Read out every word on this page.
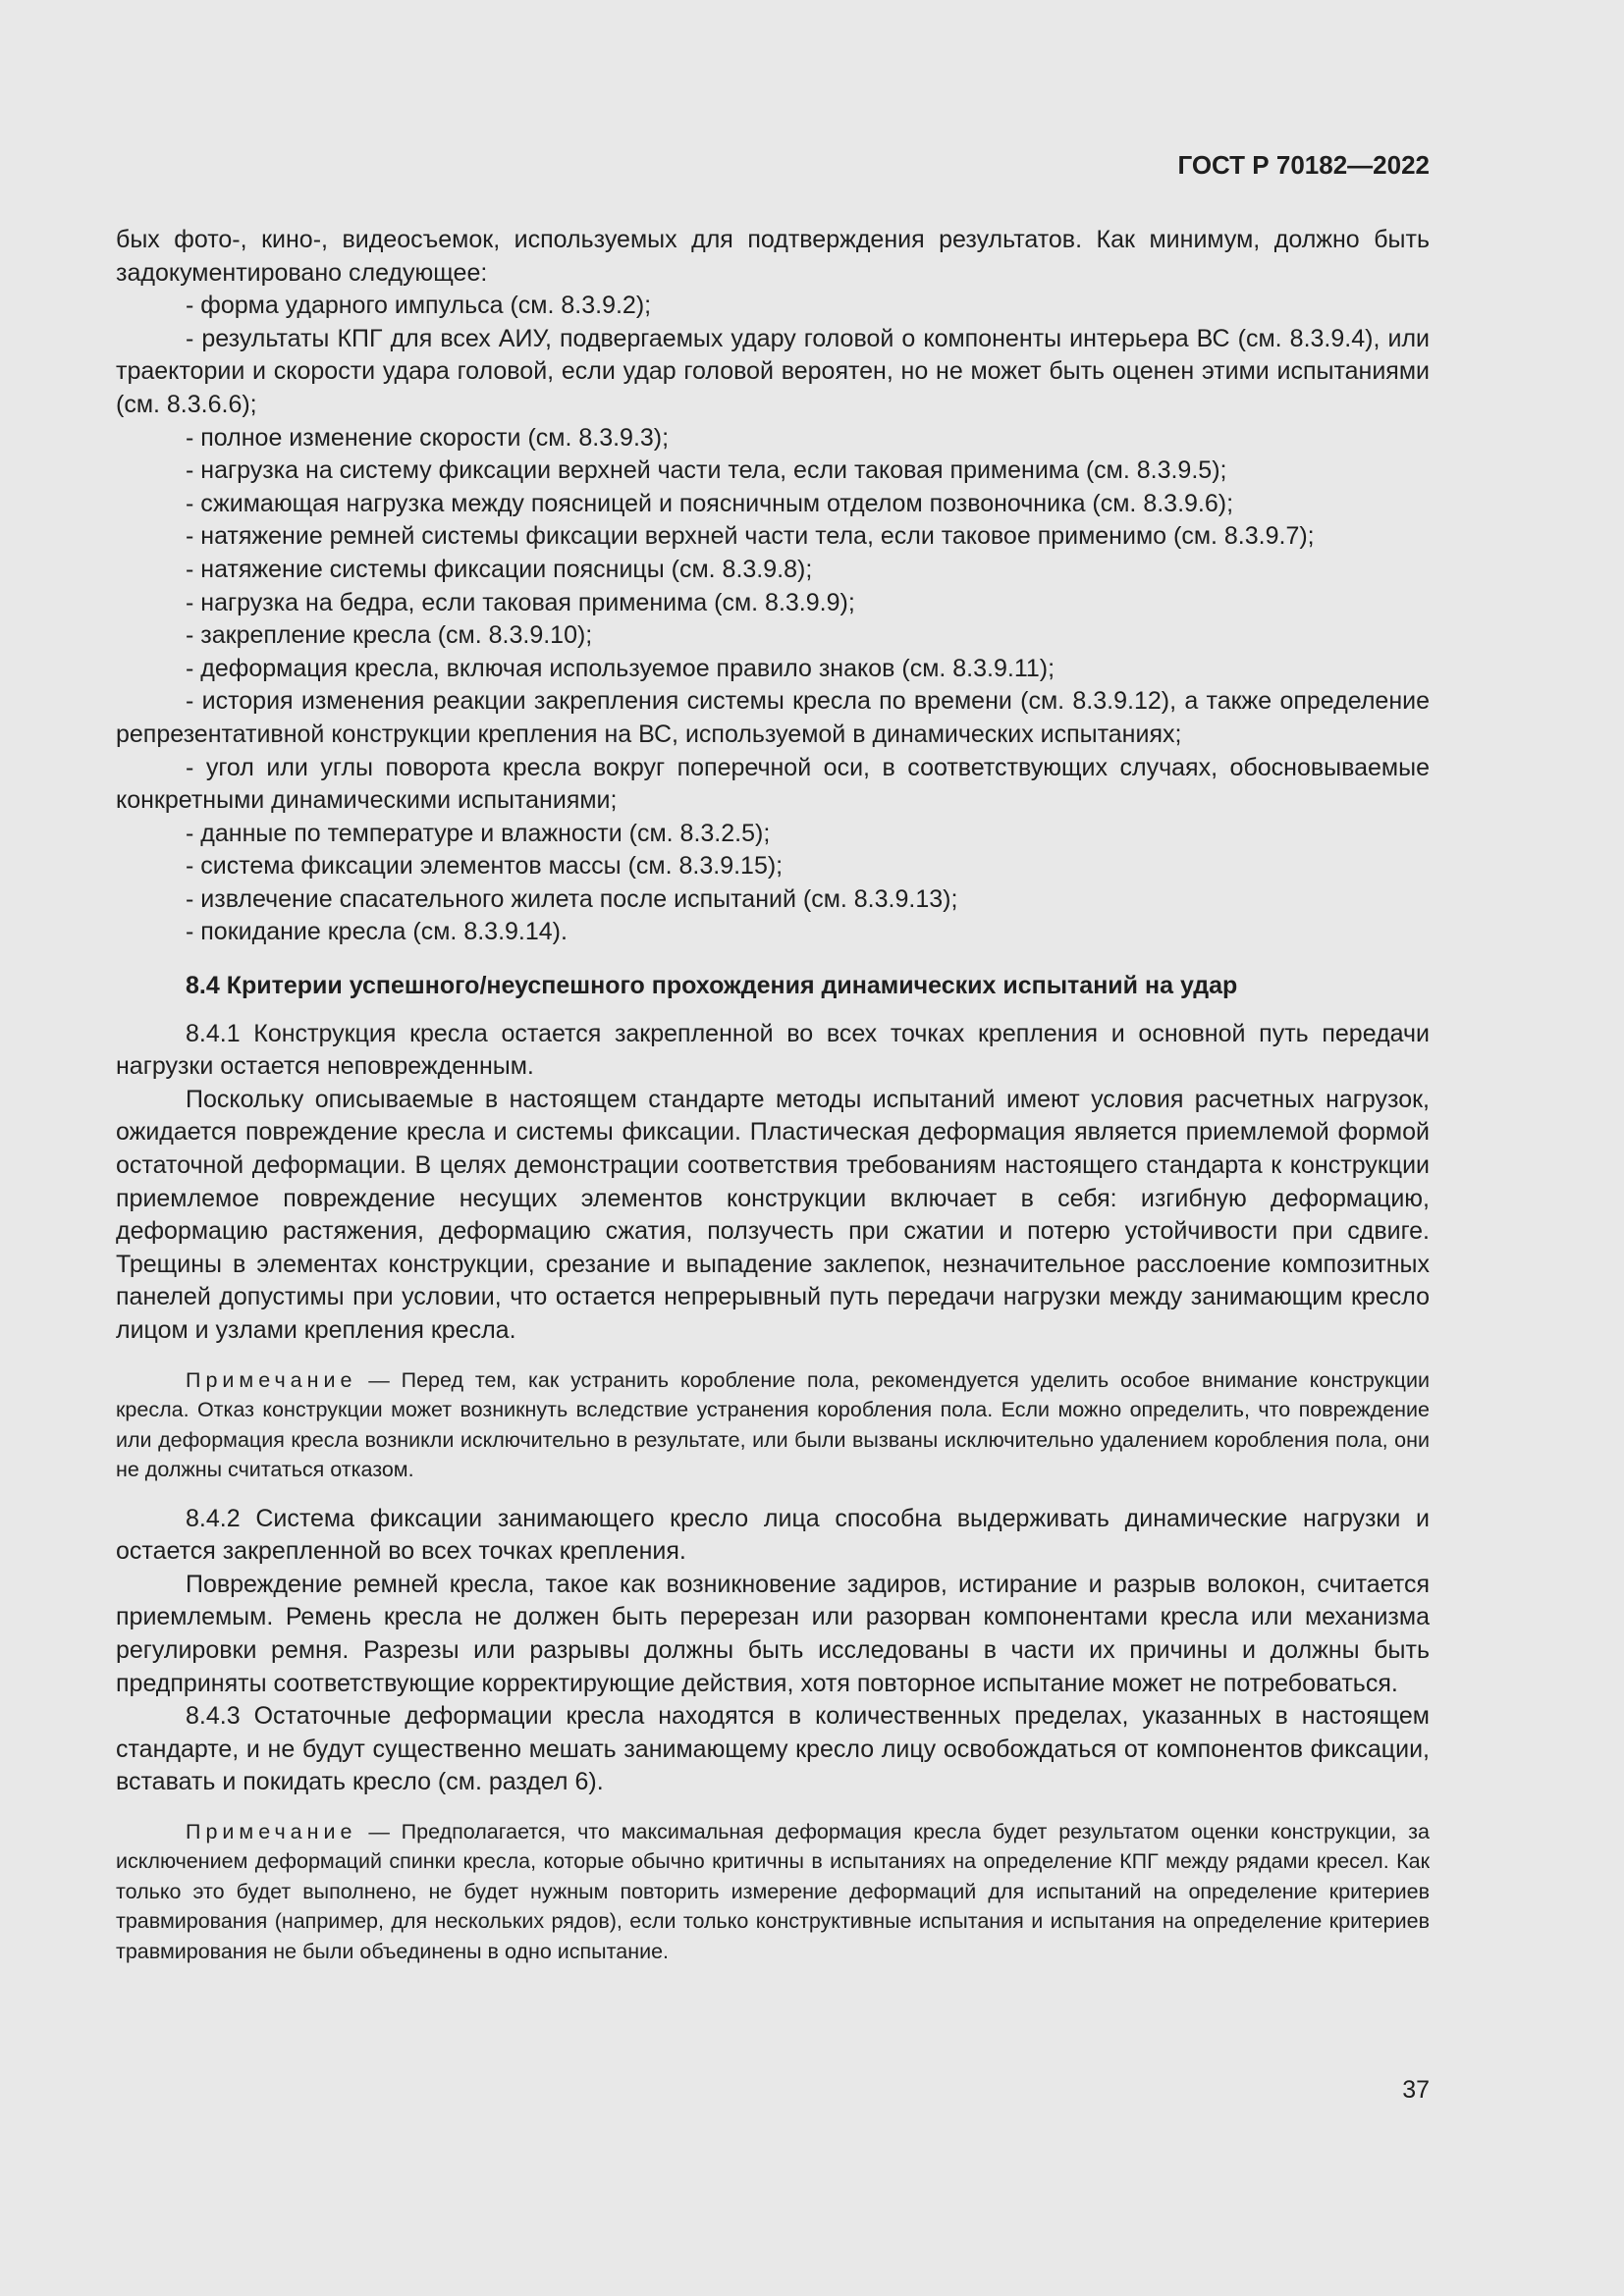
ГОСТ Р 70182—2022

бых фото-, кино-, видеосъемок, используемых для подтверждения результатов. Как минимум, должно быть задокументировано следующее:

- форма ударного импульса (см. 8.3.9.2);

- результаты КПГ для всех АИУ, подвергаемых удару головой о компоненты интерьера ВС (см. 8.3.9.4), или траектории и скорости удара головой, если удар головой вероятен, но не может быть оценен этими испытаниями (см. 8.3.6.6);

- полное изменение скорости (см. 8.3.9.3);

- нагрузка на систему фиксации верхней части тела, если таковая применима (см. 8.3.9.5);

- сжимающая нагрузка между поясницей и поясничным отделом позвоночника (см. 8.3.9.6);

- натяжение ремней системы фиксации верхней части тела, если таковое применимо (см. 8.3.9.7);

- натяжение системы фиксации поясницы (см. 8.3.9.8);

- нагрузка на бедра, если таковая применима (см. 8.3.9.9);

- закрепление кресла (см. 8.3.9.10);

- деформация кресла, включая используемое правило знаков (см. 8.3.9.11);

- история изменения реакции закрепления системы кресла по времени (см. 8.3.9.12), а также определение репрезентативной конструкции крепления на ВС, используемой в динамических испытаниях;

- угол или углы поворота кресла вокруг поперечной оси, в соответствующих случаях, обосновываемые конкретными динамическими испытаниями;

- данные по температуре и влажности (см. 8.3.2.5);

- система фиксации элементов массы (см. 8.3.9.15);

- извлечение спасательного жилета после испытаний (см. 8.3.9.13);

- покидание кресла (см. 8.3.9.14).

8.4 Критерии успешного/неуспешного прохождения динамических испытаний на удар

8.4.1 Конструкция кресла остается закрепленной во всех точках крепления и основной путь передачи нагрузки остается неповрежденным.

Поскольку описываемые в настоящем стандарте методы испытаний имеют условия расчетных нагрузок, ожидается повреждение кресла и системы фиксации. Пластическая деформация является приемлемой формой остаточной деформации. В целях демонстрации соответствия требованиям настоящего стандарта к конструкции приемлемое повреждение несущих элементов конструкции включает в себя: изгибную деформацию, деформацию растяжения, деформацию сжатия, ползучесть при сжатии и потерю устойчивости при сдвиге. Трещины в элементах конструкции, срезание и выпадение заклепок, незначительное расслоение композитных панелей допустимы при условии, что остается непрерывный путь передачи нагрузки между занимающим кресло лицом и узлами крепления кресла.

Примечание — Перед тем, как устранить коробление пола, рекомендуется уделить особое внимание конструкции кресла. Отказ конструкции может возникнуть вследствие устранения коробления пола. Если можно определить, что повреждение или деформация кресла возникли исключительно в результате, или были вызваны исключительно удалением коробления пола, они не должны считаться отказом.

8.4.2 Система фиксации занимающего кресло лица способна выдерживать динамические нагрузки и остается закрепленной во всех точках крепления.

Повреждение ремней кресла, такое как возникновение задиров, истирание и разрыв волокон, считается приемлемым. Ремень кресла не должен быть перерезан или разорван компонентами кресла или механизма регулировки ремня. Разрезы или разрывы должны быть исследованы в части их причины и должны быть предприняты соответствующие корректирующие действия, хотя повторное испытание может не потребоваться.

8.4.3 Остаточные деформации кресла находятся в количественных пределах, указанных в настоящем стандарте, и не будут существенно мешать занимающему кресло лицу освобождаться от компонентов фиксации, вставать и покидать кресло (см. раздел 6).

Примечание — Предполагается, что максимальная деформация кресла будет результатом оценки конструкции, за исключением деформаций спинки кресла, которые обычно критичны в испытаниях на определение КПГ между рядами кресел. Как только это будет выполнено, не будет нужным повторить измерение деформаций для испытаний на определение критериев травмирования (например, для нескольких рядов), если только конструктивные испытания и испытания на определение критериев травмирования не были объединены в одно испытание.

37
